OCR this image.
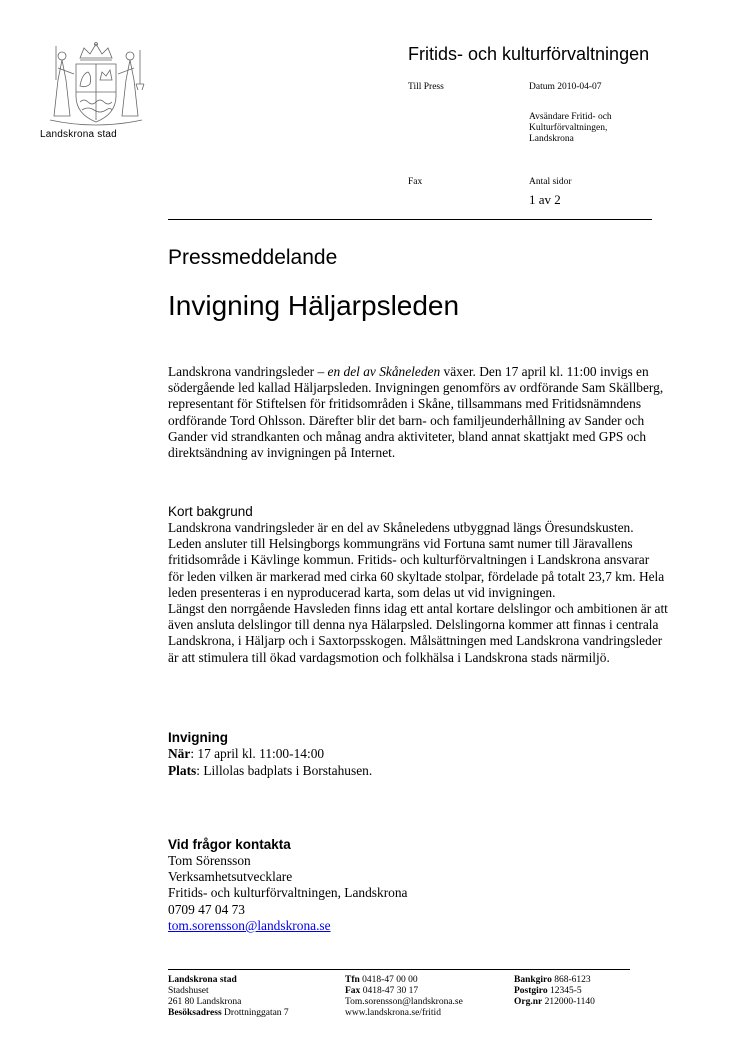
Landskrona stad
Fritids- och kulturförvaltningen
Till Press	Datum 2010-04-07
Avsändare Fritid- och
Kulturförvaltningen,
Landskrona
Fax	Antal sidor
1 av 2
Pressmeddelande
Invigning Häljarpsleden
Landskrona vandringsleder – en del av Skåneleden växer. Den 17 april kl. 11:00 invigs en södergående led kallad Häljarpsleden. Invigningen genomförs av ordförande Sam Skällberg, representant för Stiftelsen för fritidsområden i Skåne, tillsammans med Fritidsnämndens ordförande Tord Ohlsson. Därefter blir det barn- och familjeunderhållning av Sander och Gander vid strandkanten och månag andra aktiviteter, bland annat skattjakt med GPS och direktsändning av invigningen på Internet.
Kort bakgrund
Landskrona vandringsleder är en del av Skåneledens utbyggnad längs Öresundskusten. Leden ansluter till Helsingborgs kommungräns vid Fortuna samt numer till Järavallens fritidsområde i Kävlinge kommun. Fritids- och kulturförvaltningen i Landskrona ansvarar för leden vilken är markerad med cirka 60 skyltade stolpar, fördelade på totalt 23,7 km. Hela leden presenteras i en nyproducerad karta, som delas ut vid invigningen.
Längst den norrgående Havsleden finns idag ett antal kortare delslingor och ambitionen är att även ansluta delslingor till denna nya Hälarpsled. Delslingorna kommer att finnas i centrala Landskrona, i Häljarp och i Saxtorpsskogen. Målsättningen med Landskrona vandringsleder är att stimulera till ökad vardagsmotion och folkhälsa i Landskrona stads närmiljö.
Invigning
När: 17 april kl. 11:00-14:00
Plats: Lillolas badplats i Borstahusen.
Vid frågor kontakta
Tom Sörensson
Verksamhetsutvecklare
Fritids- och kulturförvaltningen, Landskrona
0709 47 04 73
tom.sorensson@landskrona.se
Landskrona stad
Stadshuset
261 80 Landskrona
Besöksadress Drottninggatan 7
Tfn 0418-47 00 00
Fax 0418-47 30 17
Tom.sorensson@landskrona.se
www.landskrona.se/fritid
Bankgiro 868-6123
Postgiro 12345-5
Org.nr 212000-1140
